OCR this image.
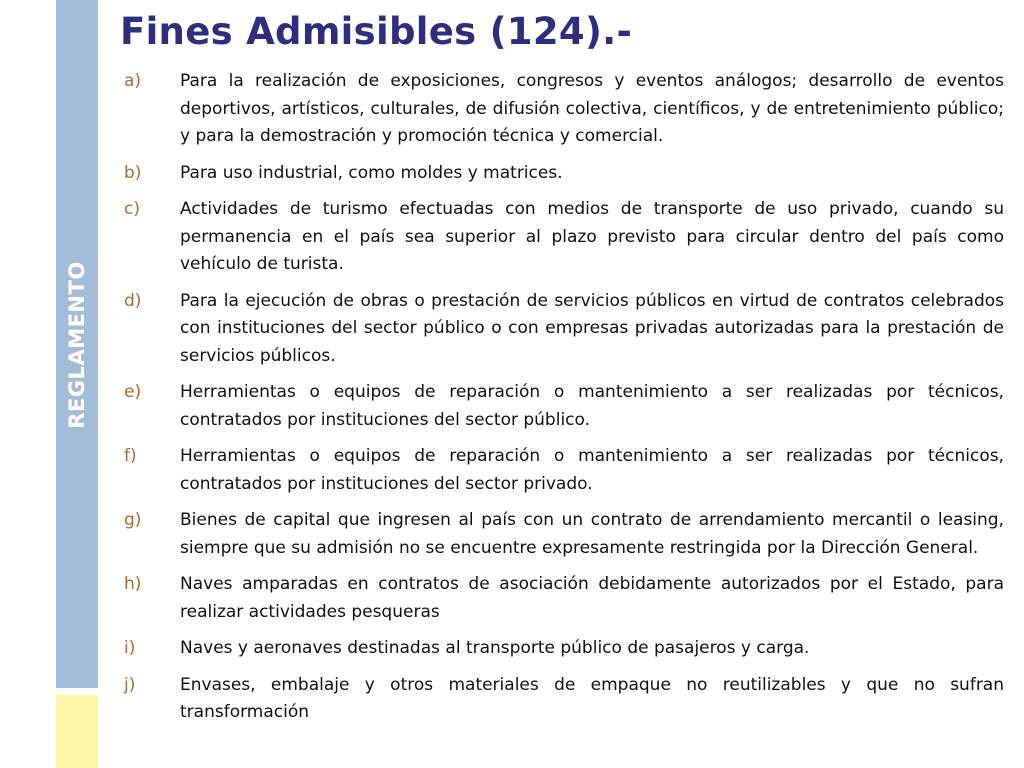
REGLAMENTO
Fines Admisibles (124).-
a)	Para la realización de exposiciones, congresos y eventos análogos; desarrollo de eventos deportivos, artísticos, culturales, de difusión colectiva, científicos, y de entretenimiento público; y para la demostración y promoción técnica y comercial.
b)	Para uso industrial, como moldes y matrices.
c)	Actividades de turismo efectuadas con medios de transporte de uso privado, cuando su permanencia en el país sea superior al plazo previsto para circular dentro del país como vehículo de turista.
d)	Para la ejecución de obras o prestación de servicios públicos en virtud de contratos celebrados con instituciones del sector público o con empresas privadas autorizadas para la prestación de servicios públicos.
e)	Herramientas o equipos de reparación o mantenimiento a ser realizadas por técnicos, contratados por instituciones del sector público.
f)	Herramientas o equipos de reparación o mantenimiento a ser realizadas por técnicos, contratados por instituciones del sector privado.
g)	Bienes de capital que ingresen al país con un contrato de arrendamiento mercantil o leasing, siempre que su admisión no se encuentre expresamente restringida por la Dirección General.
h)	Naves amparadas en contratos de asociación debidamente autorizados por el Estado, para realizar actividades pesqueras
i)	Naves y aeronaves destinadas al transporte público de pasajeros y carga.
j)	Envases, embalaje y otros materiales de empaque no reutilizables y que no sufran transformación
